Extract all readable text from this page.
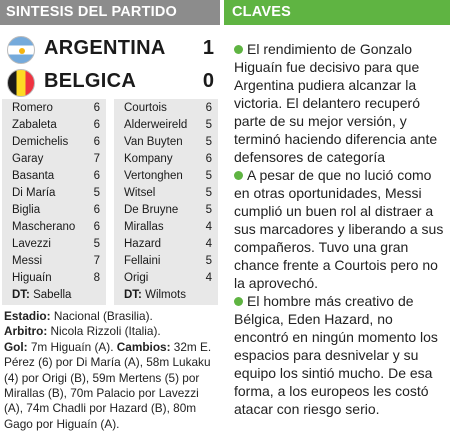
SINTESIS DEL PARTIDO
ARGENTINA 1
BELGICA	0
Romero	6
Zabaleta	6
Demichelis 6
Garay	7
Basanta	6
Di María	5
Biglia	6
Mascherano 6
Lavezzi	5
Messi	7
Higuaín	8
DT: Sabella
Courtois	6
Alderweireld 5
Van Buyten 5
Kompany	6
Vertonghen 5
Witsel	5
De Bruyne 5
Mirallas	4
Hazard	4
Fellaini	5
Origi	4
DT: Wilmots

Estadio: Nacional (Brasilia).

Arbitro: Nicola Rizzoli (Italia).

Gol: 7m Higuaín (A). Cambios: 32m E. Pérez (6) por Di María (A), 58m Lukaku (4) por Origi (B), 59m Mertens (5) por Mirallas (B), 70m Palacio por Lavezzi (A), 74m Chadli por Hazard (B), 80m Gago por Higuaín (A).

CLAVES

El rendimiento de Gonzalo Higuaín fue decisivo para que Argentina pudiera alcanzar la victoria. El delantero recuperó parte de su mejor versión, y terminó haciendo diferencia ante defensores de categoría

A pesar de que no lució como en otras oportunidades, Messi cumplió un buen rol al distraer a sus marcadores y liberando a sus compañeros. Tuvo una gran chance frente a Courtois pero no la aprovechó.

El hombre más creativo de Bélgica, Eden Hazard, no encontró en ningún momento los espacios para desnivelar y su equipo los sintió mucho. De esa forma, a los europeos les costó atacar con riesgo serio.
